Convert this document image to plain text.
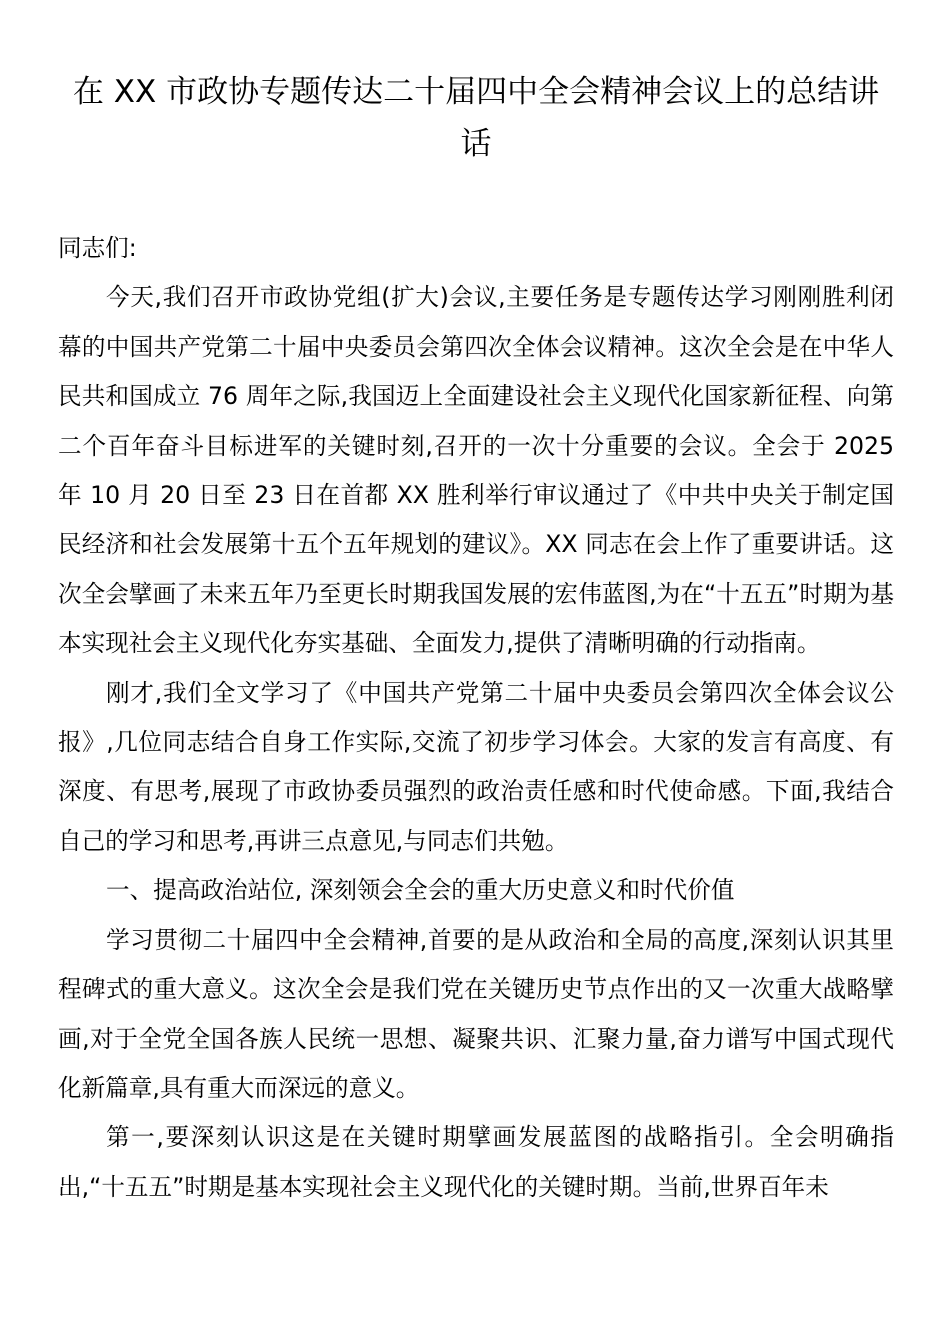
在 XX 市政协专题传达二十届四中全会精神会议上的总结讲话

同志们:

今天,我们召开市政协党组(扩大)会议,主要任务是专题传达学习刚刚胜利闭幕的中国共产党第二十届中央委员会第四次全体会议精神。这次全会是在中华人民共和国成立 76 周年之际,我国迈上全面建设社会主义现代化国家新征程、向第二个百年奋斗目标进军的关键时刻,召开的一次十分重要的会议。全会于 2025 年 10 月 20 日至 23 日在首都 XX 胜利举行审议通过了《中共中央关于制定国民经济和社会发展第十五个五年规划的建议》。XX 同志在会上作了重要讲话。这次全会擘画了未来五年乃至更长时期我国发展的宏伟蓝图,为在“十五五”时期为基本实现社会主义现代化夯实基础、全面发力,提供了清晰明确的行动指南。

刚才,我们全文学习了《中国共产党第二十届中央委员会第四次全体会议公报》,几位同志结合自身工作实际,交流了初步学习体会。大家的发言有高度、有深度、有思考,展现了市政协委员强烈的政治责任感和时代使命感。下面,我结合自己的学习和思考,再讲三点意见,与同志们共勉。

一、提高政治站位, 深刻领会全会的重大历史意义和时代价值

学习贯彻二十届四中全会精神,首要的是从政治和全局的高度,深刻认识其里程碑式的重大意义。这次全会是我们党在关键历史节点作出的又一次重大战略擘画,对于全党全国各族人民统一思想、凝聚共识、汇聚力量,奋力谱写中国式现代化新篇章,具有重大而深远的意义。

第一,要深刻认识这是在关键时期擘画发展蓝图的战略指引。全会明确指出,“十五五”时期是基本实现社会主义现代化的关键时期。当前,世界百年未
